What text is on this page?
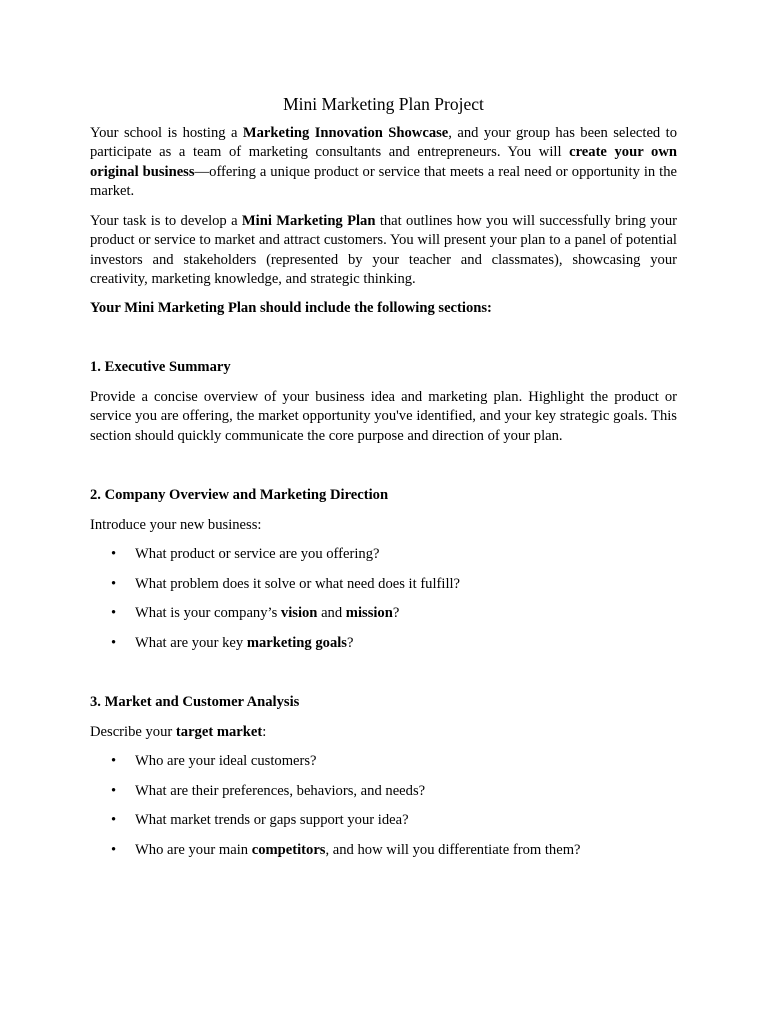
Mini Marketing Plan Project

Your school is hosting a Marketing Innovation Showcase, and your group has been selected to participate as a team of marketing consultants and entrepreneurs. You will create your own original business—offering a unique product or service that meets a real need or opportunity in the market.

Your task is to develop a Mini Marketing Plan that outlines how you will successfully bring your product or service to market and attract customers. You will present your plan to a panel of potential investors and stakeholders (represented by your teacher and classmates), showcasing your creativity, marketing knowledge, and strategic thinking.

Your Mini Marketing Plan should include the following sections:

1. Executive Summary

Provide a concise overview of your business idea and marketing plan. Highlight the product or service you are offering, the market opportunity you've identified, and your key strategic goals. This section should quickly communicate the core purpose and direction of your plan.

2. Company Overview and Marketing Direction

Introduce your new business:

• What product or service are you offering?
• What problem does it solve or what need does it fulfill?
• What is your company’s vision and mission?
• What are your key marketing goals?

3. Market and Customer Analysis

Describe your target market:

• Who are your ideal customers?
• What are their preferences, behaviors, and needs?
• What market trends or gaps support your idea?
• Who are your main competitors, and how will you differentiate from them?
